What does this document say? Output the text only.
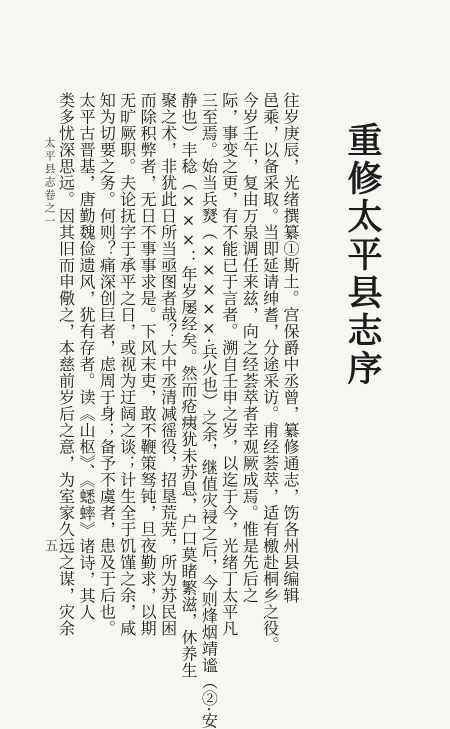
重修太平县志序
往岁庚辰，光绪撰纂①斯土。宫保爵中丞曾，纂修通志，饬各州县编辑
邑乘，以备采取。当即延请绅耆，分途采访。甫经荟萃，适有檄赴桐乡之役。
今岁壬午，复由万泉调任来兹，向之经荟萃者幸观厥成焉。惟是先后之
际，事变之更，有不能已于言者。溯自壬申之岁，以迄于今，光绪丁太平凡
三至焉。始当兵燹（×××××·兵火也）之余，继值灾祲之后，今则烽烟靖谧（②·安
静也）丰稔（×××：年岁屡经矣。然而疮痍犹未苏息，户口莫睹繁滋，休养生
聚之术，非犹此日所当亟图者哉？大中丞清减徭役，招垦荒芜，所为苏民困
而除积弊者，无日不事事求是。下风末吏，敢不鞭策驽钝，旦夜勤求，以期
无旷厥职。夫论抚字于承平之日，或视为迂阔之谈；计生全于饥馑之余，咸
知为切要之务。何则？痛深创巨者，虑周于身；备予不虞者，患及于后也。
太平古晋基，唐勤魏俭遗风，犹有存者。读《山枢》、《蟋蟀》诸诗，其人
类多忧深思远。因其旧而申儆之，本慈前岁后之意，为室家久远之谋，灾余
太平县志卷之一
五
